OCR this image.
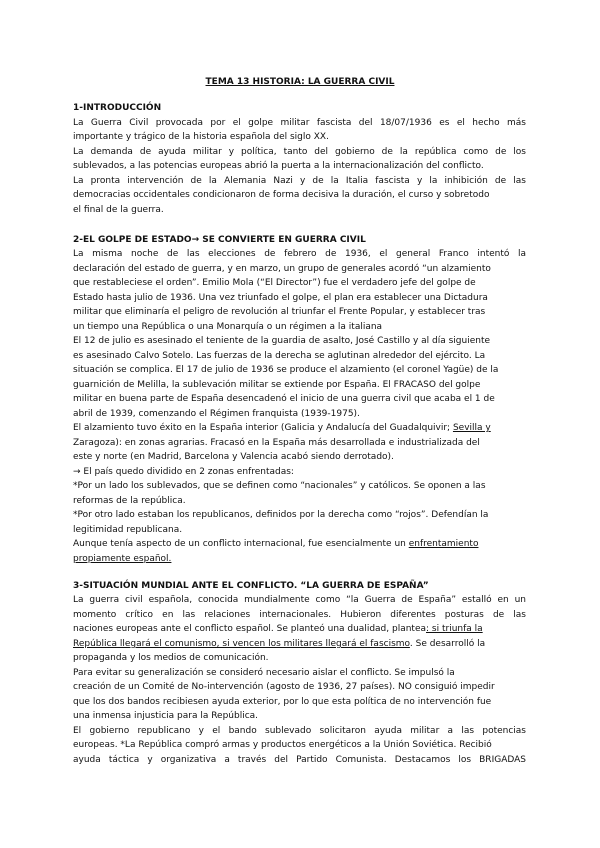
TEMA 13 HISTORIA: LA GUERRA CIVIL
1-INTRODUCCIÓN
La Guerra Civil provocada por el golpe militar fascista del 18/07/1936 es el hecho más
importante y trágico de la historia española del siglo XX.
La demanda de ayuda militar y política, tanto del gobierno de la república como de los
sublevados, a las potencias europeas abrió la puerta a la internacionalización del conflicto.
La pronta intervención de la Alemania Nazi y de la Italia fascista y la inhibición de las
democracias occidentales condicionaron de forma decisiva la duración, el curso y sobretodo
el final de la guerra.
2-EL GOLPE DE ESTADO→ SE CONVIERTE EN GUERRA CIVIL
La misma noche de las elecciones de febrero de 1936, el general Franco intentó la
declaración del estado de guerra, y en marzo, un grupo de generales acordó “un alzamiento
que restableciese el orden”. Emilio Mola (“El Director”) fue el verdadero jefe del golpe de
Estado hasta julio de 1936. Una vez triunfado el golpe, el plan era establecer una Dictadura
militar que eliminaría el peligro de revolución al triunfar el Frente Popular, y establecer tras
un tiempo una República o una Monarquía o un régimen a la italiana
El 12 de julio es asesinado el teniente de la guardia de asalto, José Castillo y al día siguiente
es asesinado Calvo Sotelo. Las fuerzas de la derecha se aglutinan alrededor del ejército. La
situación se complica. El 17 de julio de 1936 se produce el alzamiento (el coronel Yagüe) de la
guarnición de Melilla, la sublevación militar se extiende por España. El FRACASO del golpe
militar en buena parte de España desencadenó el inicio de una guerra civil que acaba el 1 de
abril de 1939, comenzando el Régimen franquista (1939-1975).
El alzamiento tuvo éxito en la España interior (Galicia y Andalucía del Guadalquivir; Sevilla y
Zaragoza): en zonas agrarias. Fracasó en la España más desarrollada e industrializada del
este y norte (en Madrid, Barcelona y Valencia acabó siendo derrotado).
→ El país quedo dividido en 2 zonas enfrentadas:
*Por un lado los sublevados, que se definen como “nacionales” y católicos. Se oponen a las
reformas de la república.
*Por otro lado estaban los republicanos, definidos por la derecha como “rojos”. Defendían la
legitimidad republicana.
Aunque tenía aspecto de un conflicto internacional, fue esencialmente un enfrentamiento
propiamente español.
3-SITUACIÓN MUNDIAL ANTE EL CONFLICTO. “LA GUERRA DE ESPAÑA”
La guerra civil española, conocida mundialmente como “la Guerra de España” estalló en un
momento crítico en las relaciones internacionales. Hubieron diferentes posturas de las
naciones europeas ante el conflicto español. Se planteó una dualidad, plantea: si triunfa la
República llegará el comunismo, si vencen los militares llegará el fascismo. Se desarrolló la
propaganda y los medios de comunicación.
Para evitar su generalización se consideró necesario aislar el conflicto. Se impulsó la
creación de un Comité de No-intervención (agosto de 1936, 27 países). NO consiguió impedir
que los dos bandos recibiesen ayuda exterior, por lo que esta política de no intervención fue
una inmensa injusticia para la República.
El gobierno republicano y el bando sublevado solicitaron ayuda militar a las potencias
europeas. *La República compró armas y productos energéticos a la Unión Soviética. Recibió
ayuda táctica y organizativa a través del Partido Comunista. Destacamos los BRIGADAS
